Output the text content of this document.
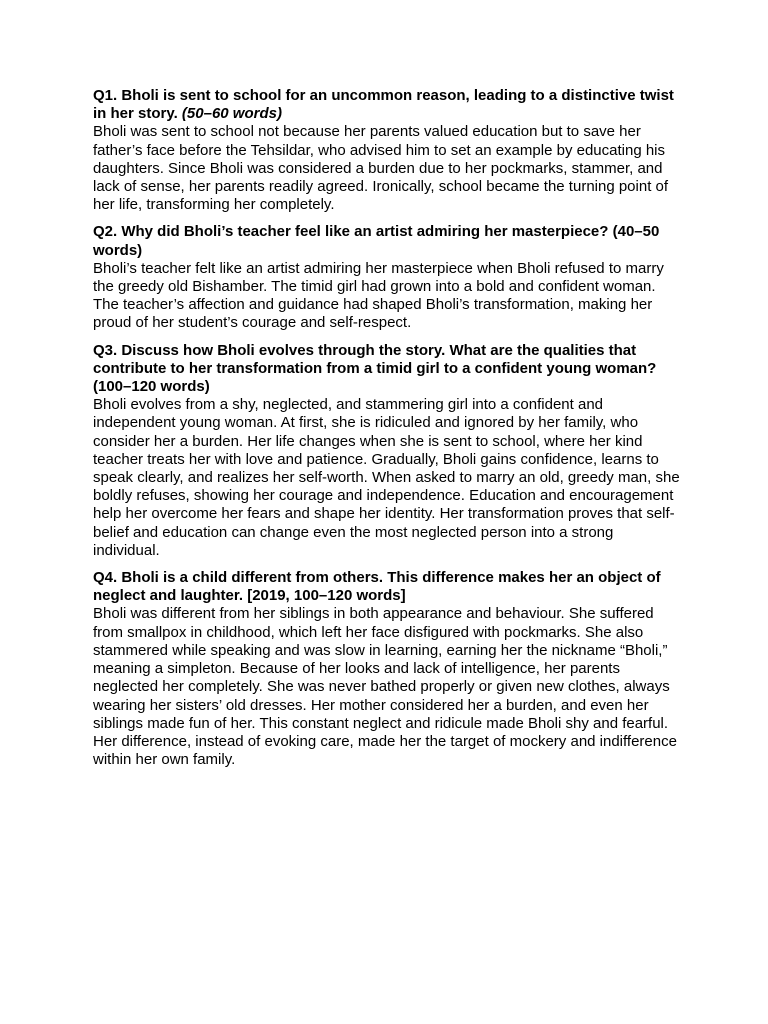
Q1. Bholi is sent to school for an uncommon reason, leading to a distinctive twist in her story. (50–60 words)

Bholi was sent to school not because her parents valued education but to save her father’s face before the Tehsildar, who advised him to set an example by educating his daughters. Since Bholi was considered a burden due to her pockmarks, stammer, and lack of sense, her parents readily agreed. Ironically, school became the turning point of her life, transforming her completely.

Q2. Why did Bholi’s teacher feel like an artist admiring her masterpiece? (40–50 words)

Bholi’s teacher felt like an artist admiring her masterpiece when Bholi refused to marry the greedy old Bishamber. The timid girl had grown into a bold and confident woman. The teacher’s affection and guidance had shaped Bholi’s transformation, making her proud of her student’s courage and self-respect.

Q3. Discuss how Bholi evolves through the story. What are the qualities that contribute to her transformation from a timid girl to a confident young woman? (100–120 words)

Bholi evolves from a shy, neglected, and stammering girl into a confident and independent young woman. At first, she is ridiculed and ignored by her family, who consider her a burden. Her life changes when she is sent to school, where her kind teacher treats her with love and patience. Gradually, Bholi gains confidence, learns to speak clearly, and realizes her self-worth. When asked to marry an old, greedy man, she boldly refuses, showing her courage and independence. Education and encouragement help her overcome her fears and shape her identity. Her transformation proves that self-belief and education can change even the most neglected person into a strong individual.

Q4. Bholi is a child different from others. This difference makes her an object of neglect and laughter. [2019, 100–120 words]

Bholi was different from her siblings in both appearance and behaviour. She suffered from smallpox in childhood, which left her face disfigured with pockmarks. She also stammered while speaking and was slow in learning, earning her the nickname “Bholi,” meaning a simpleton. Because of her looks and lack of intelligence, her parents neglected her completely. She was never bathed properly or given new clothes, always wearing her sisters’ old dresses. Her mother considered her a burden, and even her siblings made fun of her. This constant neglect and ridicule made Bholi shy and fearful. Her difference, instead of evoking care, made her the target of mockery and indifference within her own family.
